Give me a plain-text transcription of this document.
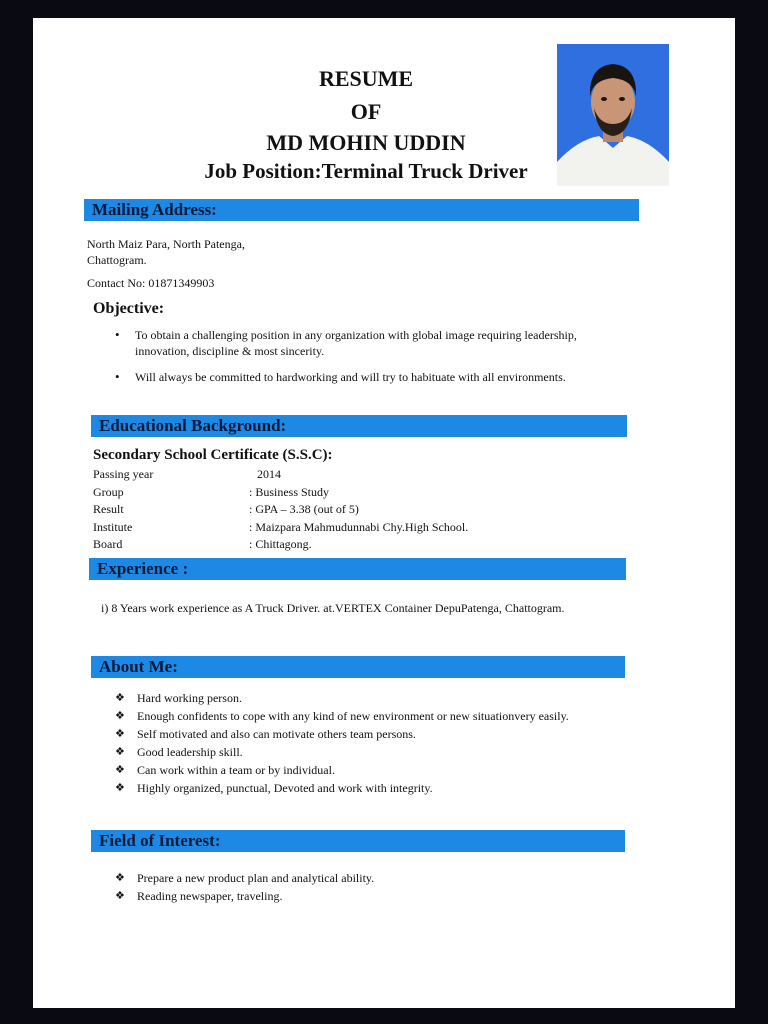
RESUME
OF
MD MOHIN UDDIN
Job Position:Terminal Truck Driver
Mailing Address:
North Maiz Para, North Patenga,
Chattogram.
Contact No: 01871349903
Objective:
• To obtain a challenging position in any organization with global image requiring leadership, innovation, discipline & most sincerity.
• Will always be committed to hardworking and will try to habituate with all environments.
Educational Background:
Secondary School Certificate (S.S.C):
Passing year	2014
Group	: Business Study
Result	: GPA – 3.38 (out of 5)
Institute	: Maizpara Mahmudunnabi Chy.High School.
Board	: Chittagong.
Experience :
i) 8 Years work experience as A Truck Driver. at.VERTEX Container DepuPatenga, Chattogram.
About Me:
❖ Hard working person.
❖ Enough confidents to cope with any kind of new environment or new situationvery easily.
❖ Self motivated and also can motivate others team persons.
❖ Good leadership skill.
❖ Can work within a team or by individual.
❖ Highly organized, punctual, Devoted and work with integrity.
Field of Interest:
❖ Prepare a new product plan and analytical ability.
❖ Reading newspaper, traveling.
